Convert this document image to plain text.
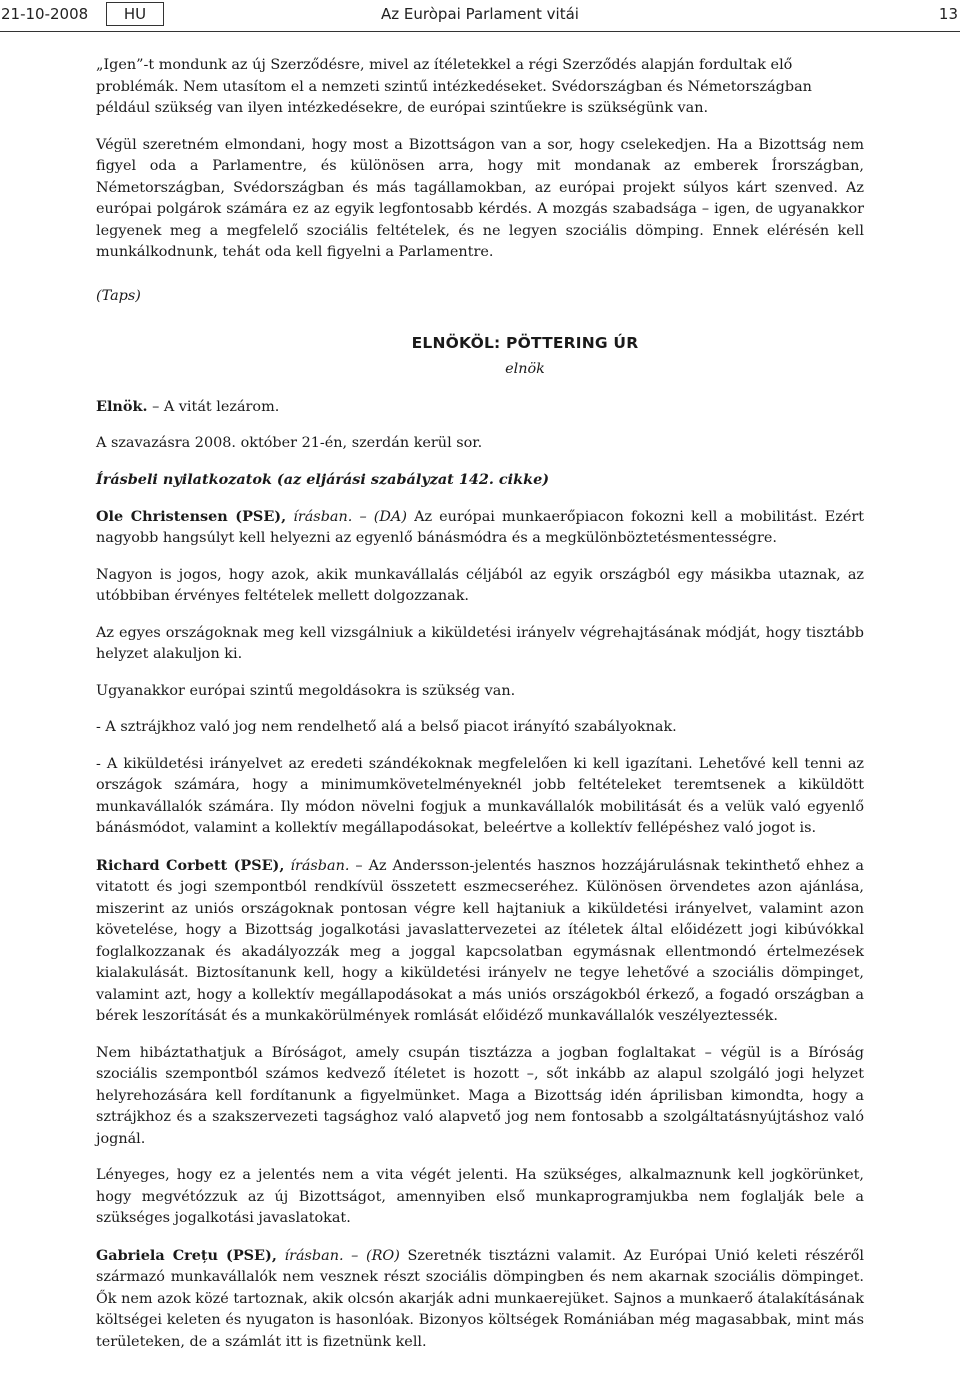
21-10-2008	HU	Az Euròpai Parlament vitái	13

„Igen”-t mondunk az új Szerződésre, mivel az ítéletekkel a régi Szerződés alapján fordultak elő problémák. Nem utasítom el a nemzeti szintű intézkedéseket. Svédországban és Németországban például szükség van ilyen intézkedésekre, de európai szintűekre is szükségünk van.

Végül szeretném elmondani, hogy most a Bizottságon van a sor, hogy cselekedjen. Ha a Bizottság nem figyel oda a Parlamentre, és különösen arra, hogy mit mondanak az emberek Írországban, Németországban, Svédországban és más tagállamokban, az európai projekt súlyos kárt szenved. Az európai polgárok számára ez az egyik legfontosabb kérdés. A mozgás szabadsága – igen, de ugyanakkor legyenek meg a megfelelő szociális feltételek, és ne legyen szociális dömping. Ennek elérésén kell munkálkodnunk, tehát oda kell figyelni a Parlamentre.

(Taps)

ELNÖKÖL: PÖTTERING ÚR
elnök

Elnök. – A vitát lezárom.

A szavazásra 2008. október 21-én, szerdán kerül sor.

Írásbeli nyilatkozatok (az eljárási szabályzat 142. cikke)

Ole Christensen (PSE), írásban. – (DA) Az európai munkaerőpiacon fokozni kell a mobilitást. Ezért nagyobb hangsúlyt kell helyezni az egyenlő bánásmódra és a megkülönböztetésmentességre.

Nagyon is jogos, hogy azok, akik munkavállalás céljából az egyik országból egy másikba utaznak, az utóbbiban érvényes feltételek mellett dolgozzanak.

Az egyes országoknak meg kell vizsgálniuk a kiküldetési irányelv végrehajtásának módját, hogy tisztább helyzet alakuljon ki.

Ugyanakkor európai szintű megoldásokra is szükség van.

- A sztrájkhoz való jog nem rendelhető alá a belső piacot irányító szabályoknak.

- A kiküldetési irányelvet az eredeti szándékoknak megfelelően ki kell igazítani. Lehetővé kell tenni az országok számára, hogy a minimumkövetelményeknél jobb feltételeket teremtsenek a kiküldött munkavállalók számára. Ily módon növelni fogjuk a munkavállalók mobilitását és a velük való egyenlő bánásmódot, valamint a kollektív megállapodásokat, beleértve a kollektív fellépéshez való jogot is.

Richard Corbett (PSE), írásban. – Az Andersson-jelentés hasznos hozzájárulásnak tekinthető ehhez a vitatott és jogi szempontból rendkívül összetett eszmecseréhez. Különösen örvendetes azon ajánlása, miszerint az uniós országoknak pontosan végre kell hajtaniuk a kiküldetési irányelvet, valamint azon követelése, hogy a Bizottság jogalkotási javaslattervezetei az ítéletek által előidézett jogi kibúvókkal foglalkozzanak és akadályozzák meg a joggal kapcsolatban egymásnak ellentmondó értelmezések kialakulását. Biztosítanunk kell, hogy a kiküldetési irányelv ne tegye lehetővé a szociális dömpinget, valamint azt, hogy a kollektív megállapodásokat a más uniós országokból érkező, a fogadó országban a bérek leszorítását és a munkakörülmények romlását előidéző munkavállalók veszélyeztessék.

Nem hibáztathatjuk a Bíróságot, amely csupán tisztázza a jogban foglaltakat – végül is a Bíróság szociális szempontból számos kedvező ítéletet is hozott –, sőt inkább az alapul szolgáló jogi helyzet helyrehozására kell fordítanunk a figyelmünket. Maga a Bizottság idén áprilisban kimondta, hogy a sztrájkhoz és a szakszervezeti tagsághoz való alapvető jog nem fontosabb a szolgáltatásnyújtáshoz való jognál.

Lényeges, hogy ez a jelentés nem a vita végét jelenti. Ha szükséges, alkalmaznunk kell jogkörünket, hogy megvétózzuk az új Bizottságot, amennyiben első munkaprogramjukba nem foglalják bele a szükséges jogalkotási javaslatokat.

Gabriela Crețu (PSE), írásban. – (RO) Szeretnék tisztázni valamit. Az Európai Unió keleti részéről származó munkavállalók nem vesznek részt szociális dömpingben és nem akarnak szociális dömpinget. Ők nem azok közé tartoznak, akik olcsón akarják adni munkaerejüket. Sajnos a munkaerő átalakításának költségei keleten és nyugaton is hasonlóak. Bizonyos költségek Romániában még magasabbak, mint más területeken, de a számlát itt is fizetnünk kell.
